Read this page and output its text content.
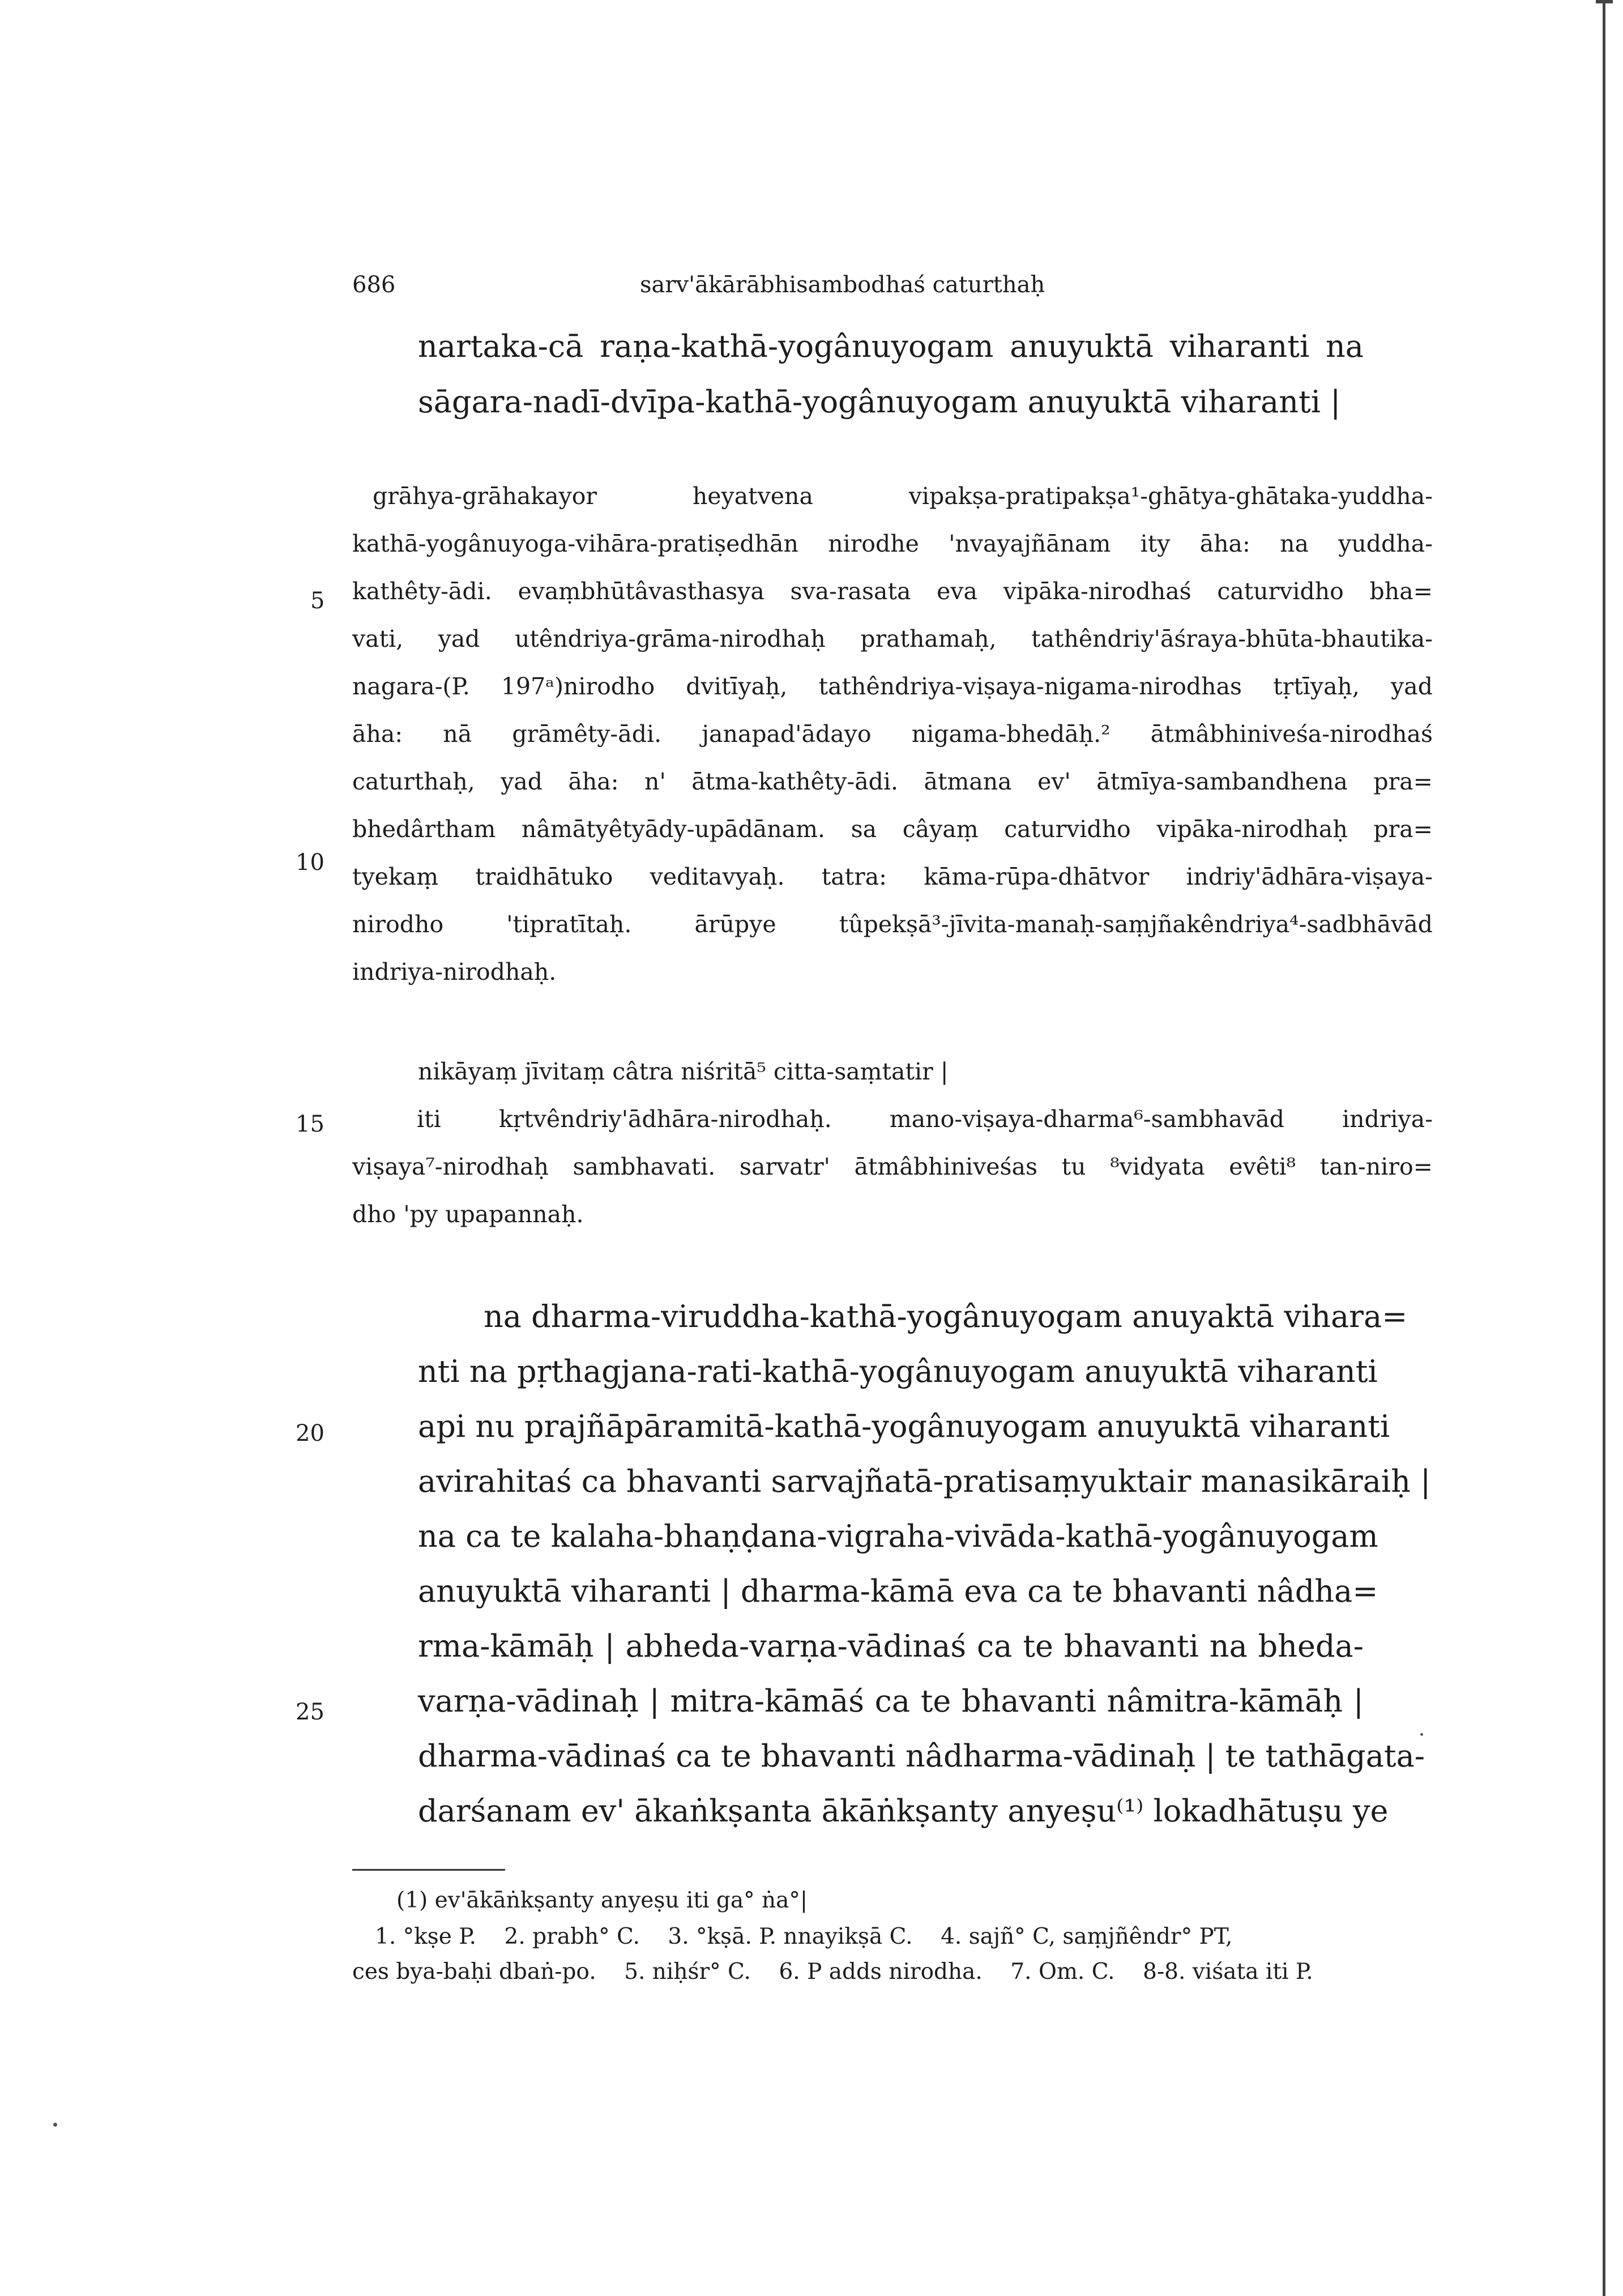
686	sarv'ākārābhisambodhaś caturthaḥ
nartaka-cā raṇa-kathā-yogânuyogam anuyuktā viharanti na
sāgara-nadī-dvīpa-kathā-yogânuyogam anuyuktā viharanti |
grāhya-grāhakayor heyatvena vipakṣa-pratipakṣa¹-ghātya-ghātaka-yuddha-
kathā-yogânuyoga-vihāra-pratiṣedhān nirodhe 'nvayajñānam ity āha: na yuddha-
kathêty-ādi. evaṃbhūtâvasthasya sva-rasata eva vipāka-nirodhaś caturvidho bha=
vati, yad utêndriya-grāma-nirodhaḥ prathamaḥ, tathêndriy'āśraya-bhūta-bhautika-
nagara-(P. 197ᵃ)nirodho dvitīyaḥ, tathêndriya-viṣaya-nigama-nirodhas tṛtīyaḥ, yad
āha: nā grāmêty-ādi. janapad'ādayo nigama-bhedāḥ.² ātmâbhiniveśa-nirodhaś
caturthaḥ, yad āha: n' ātma-kathêty-ādi. ātmana ev' ātmīya-sambandhena pra=
bhedârtham nâmātyêtyādy-upādānam. sa câyaṃ caturvidho vipāka-nirodhaḥ pra=
tyekaṃ traidhātuko veditavyaḥ. tatra: kāma-rūpa-dhātvor indriy'ādhāra-viṣaya-
nirodho 'tipratītaḥ. ārūpye tûpekṣā³-jīvita-manaḥ-saṃjñakêndriya⁴-sadbhāvād
indriya-nirodhaḥ.
nikāyaṃ jīvitaṃ câtra niśritā⁵ citta-saṃtatir |
iti kṛtvêndriy'ādhāra-nirodhaḥ. mano-viṣaya-dharma⁶-sambhavād indriya-
viṣaya⁷-nirodhaḥ sambhavati. sarvatr' ātmâbhiniveśas tu ⁸vidyata evêti⁸ tan-niro=
dho 'py upapannaḥ.
na dharma-viruddha-kathā-yogânuyogam anuyaktā vihara=
nti na pṛthagjana-rati-kathā-yogânuyogam anuyuktā viharanti
api nu prajñāpāramitā-kathā-yogânuyogam anuyuktā viharanti
avirahitaś ca bhavanti sarvajñatā-pratisaṃyuktair manasikāraiḥ |
na ca te kalaha-bhaṇḍana-vigraha-vivāda-kathā-yogânuyogam
anuyuktā viharanti | dharma-kāmā eva ca te bhavanti nâdha=
rma-kāmāḥ | abheda-varṇa-vādinaś ca te bhavanti na bheda-
varṇa-vādinaḥ | mitra-kāmāś ca te bhavanti nâmitra-kāmāḥ |
dharma-vādinaś ca te bhavanti nâdharma-vādinaḥ | te tathāgata-
darśanam ev' ākaṅkṣanta ākāṅkṣanty anyeṣu⁽¹⁾ lokadhātuṣu ye
5
10
15
20
25
(1) ev'ākāṅkṣanty anyeṣu iti ga° ṅa°|
1. °kṣe P.    2. prabh° C.    3. °kṣā. P. nnayikṣā C.    4. sajñ° C, saṃjñêndr° PT,
ces bya-baḥi dbaṅ-po.    5. niḥśr° C.    6. P adds nirodha.    7. Om. C.    8-8. viśata iti P.
